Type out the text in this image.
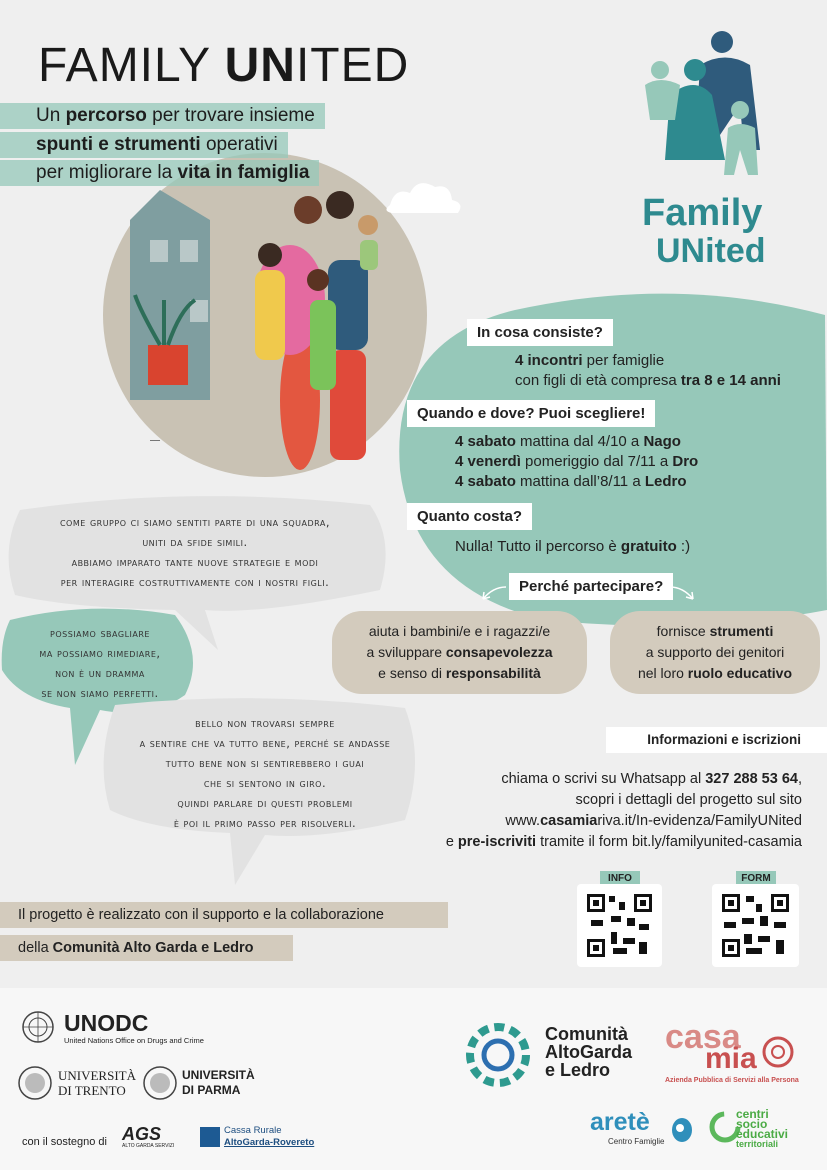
FAMILY UNITED
Un percorso per trovare insieme
spunti e strumenti operativi
per migliorare la vita in famiglia
Family
UNited
In cosa consiste?
4 incontri per famiglie
con figli di età compresa tra 8 e 14 anni
Quando e dove? Puoi scegliere!
4 sabato mattina dal 4/10 a Nago
4 venerdì pomeriggio dal 7/11 a Dro
4 sabato mattina dall’8/11 a Ledro
Quanto costa?
Nulla! Tutto il percorso è gratuito :)
Perché partecipare?
aiuta i bambini/e e i ragazzi/e
a sviluppare consapevolezza
e senso di responsabilità
fornisce strumenti
a supporto dei genitori
nel loro ruolo educativo
come gruppo ci siamo sentiti parte di una squadra,
uniti da sfide simili.
abbiamo imparato tante nuove strategie e modi
per interagire costruttivamente con i nostri figli.
possiamo sbagliare
ma possiamo rimediare,
non è un dramma
se non siamo perfetti.
bello non trovarsi sempre
a sentire che va tutto bene, perché se andasse
tutto bene non si sentirebbero i guai
che si sentono in giro.
quindi parlare di questi problemi
è poi il primo passo per risolverli.
Informazioni e iscrizioni
chiama o scrivi su Whatsapp al 327 288 53 64,
scopri i dettagli del progetto sul sito
www.casamiariva.it/In-evidenza/FamilyUNited
e pre-iscriviti tramite il form bit.ly/familyunited-casamia
INFO	FORM
Il progetto è realizzato con il supporto e la collaborazione
della Comunità Alto Garda e Ledro
UNODC
United Nations Office on Drugs and Crime
UNIVERSITÀ
DI TRENTO
UNIVERSITÀ
DI PARMA
con il sostegno di AGS
ALTO GARDA SERVIZI
Cassa Rurale
AltoGarda-Rovereto
Comunità
AltoGarda
e Ledro
casa
mia
Azienda Pubblica di Servizi alla Persona
aretè
Centro Famiglie
centri
socio
educativi
territoriali
